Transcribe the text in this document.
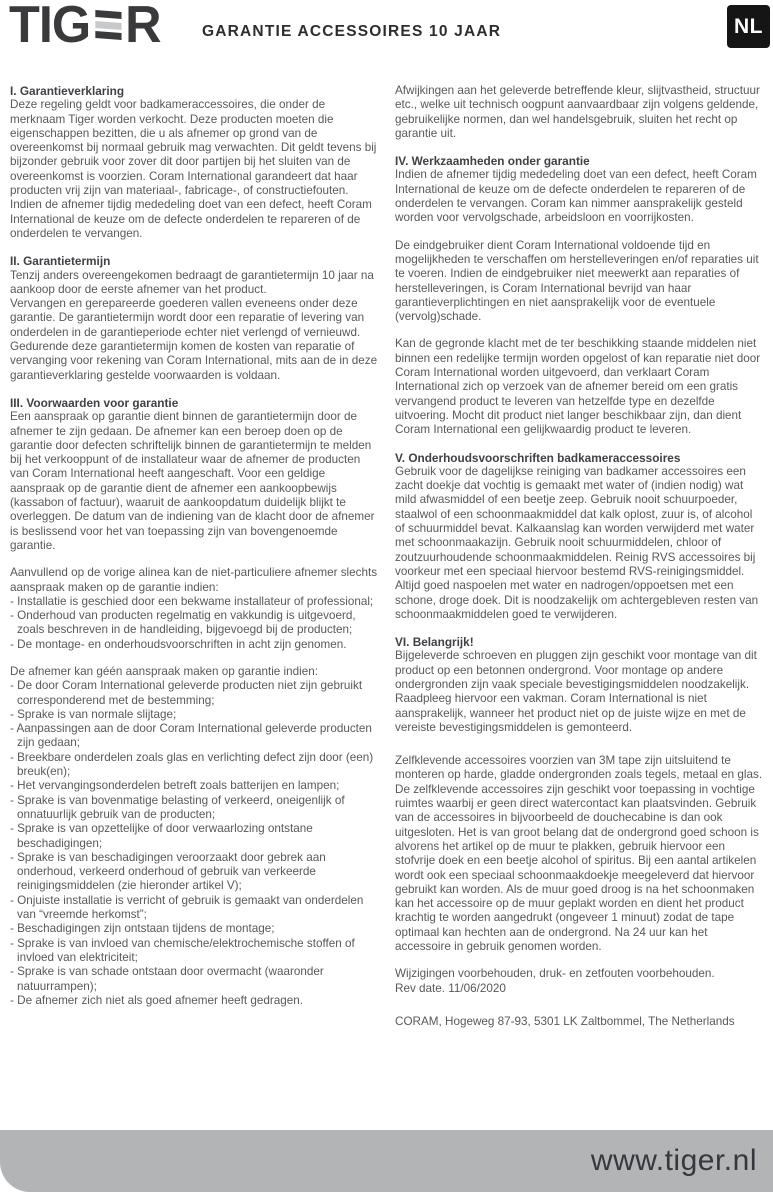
TIG R	GARANTIE ACCESSOIRES 10 JAAR	NL
I. Garantieverklaring

Deze regeling geldt voor badkameraccessoires, die onder de merknaam Tiger worden verkocht. Deze producten moeten die eigenschappen bezitten, die u als afnemer op grond van de overeenkomst bij normaal gebruik mag verwachten. Dit geldt tevens bij bijzonder gebruik voor zover dit door partijen bij het sluiten van de overeenkomst is voorzien. Coram International garandeert dat haar producten vrij zijn van materiaal-, fabricage-, of constructiefouten. Indien de afnemer tijdig mededeling doet van een defect, heeft Coram International de keuze om de defecte onderdelen te repareren of de onderdelen te vervangen.

II. Garantietermijn

Tenzij anders overeengekomen bedraagt de garantietermijn 10 jaar na aankoop door de eerste afnemer van het product.

Vervangen en gerepareerde goederen vallen eveneens onder deze garantie. De garantietermijn wordt door een reparatie of levering van onderdelen in de garantieperiode echter niet verlengd of vernieuwd.

Gedurende deze garantietermijn komen de kosten van reparatie of vervanging voor rekening van Coram International, mits aan de in deze garantieverklaring gestelde voorwaarden is voldaan.

III. Voorwaarden voor garantie

Een aanspraak op garantie dient binnen de garantietermijn door de afnemer te zijn gedaan. De afnemer kan een beroep doen op de garantie door defecten schriftelijk binnen de garantietermijn te melden bij het verkooppunt of de installateur waar de afnemer de producten van Coram International heeft aangeschaft. Voor een geldige aanspraak op de garantie dient de afnemer een aankoopbewijs (kassabon of factuur), waaruit de aankoopdatum duidelijk blijkt te overleggen. De datum van de indiening van de klacht door de afnemer is beslissend voor het van toepassing zijn van bovengenoemde garantie.

Aanvullend op de vorige alinea kan de niet-particuliere afnemer slechts aanspraak maken op de garantie indien:

- Installatie is geschied door een bekwame installateur of professional;
- Onderhoud van producten regelmatig en vakkundig is uitgevoerd, zoals beschreven in de handleiding, bijgevoegd bij de producten;
- De montage- en onderhoudsvoorschriften in acht zijn genomen.

De afnemer kan géén aanspraak maken op garantie indien:

- De door Coram International geleverde producten niet zijn gebruikt corresponderend met de bestemming;
- Sprake is van normale slijtage;
- Aanpassingen aan de door Coram International geleverde producten zijn gedaan;
- Breekbare onderdelen zoals glas en verlichting defect zijn door (een) breuk(en);
- Het vervangingsonderdelen betreft zoals batterijen en lampen;
- Sprake is van bovenmatige belasting of verkeerd, oneigenlijk of onnatuurlijk gebruik van de producten;
- Sprake is van opzettelijke of door verwaarlozing ontstane beschadigingen;
- Sprake is van beschadigingen veroorzaakt door gebrek aan onderhoud, verkeerd onderhoud of gebruik van verkeerde reinigingsmiddelen (zie hieronder artikel V);
- Onjuiste installatie is verricht of gebruik is gemaakt van onderdelen van “vreemde herkomst”;
- Beschadigingen zijn ontstaan tijdens de montage;
- Sprake is van invloed van chemische/elektrochemische stoffen of invloed van elektriciteit;
- Sprake is van schade ontstaan door overmacht (waaronder natuurrampen);
- De afnemer zich niet als goed afnemer heeft gedragen.

Afwijkingen aan het geleverde betreffende kleur, slijtvastheid, structuur etc., welke uit technisch oogpunt aanvaardbaar zijn volgens geldende, gebruikelijke normen, dan wel handelsgebruik, sluiten het recht op garantie uit.

IV. Werkzaamheden onder garantie

Indien de afnemer tijdig mededeling doet van een defect, heeft Coram International de keuze om de defecte onderdelen te repareren of de onderdelen te vervangen. Coram kan nimmer aansprakelijk gesteld worden voor vervolgschade, arbeidsloon en voorrijkosten.

De eindgebruiker dient Coram International voldoende tijd en mogelijkheden te verschaffen om herstelleveringen en/of reparaties uit te voeren. Indien de eindgebruiker niet meewerkt aan reparaties of herstelleveringen, is Coram International bevrijd van haar garantieverplichtingen en niet aansprakelijk voor de eventuele (vervolg)schade.

Kan de gegronde klacht met de ter beschikking staande middelen niet binnen een redelijke termijn worden opgelost of kan reparatie niet door Coram International worden uitgevoerd, dan verklaart Coram International zich op verzoek van de afnemer bereid om een gratis vervangend product te leveren van hetzelfde type en dezelfde uitvoering. Mocht dit product niet langer beschikbaar zijn, dan dient Coram International een gelijkwaardig product te leveren.

V. Onderhoudsvoorschriften badkameraccessoires

Gebruik voor de dagelijkse reiniging van badkamer accessoires een zacht doekje dat vochtig is gemaakt met water of (indien nodig) wat mild afwasmiddel of een beetje zeep. Gebruik nooit schuurpoeder, staalwol of een schoonmaakmiddel dat kalk oplost, zuur is, of alcohol of schuurmiddel bevat. Kalkaanslag kan worden verwijderd met water met schoonmaakazijn. Gebruik nooit schuurmiddelen, chloor of zoutzuurhoudende schoonmaakmiddelen. Reinig RVS accessoires bij voorkeur met een speciaal hiervoor bestemd RVS-reinigingsmiddel. Altijd goed naspoelen met water en nadrogen/oppoetsen met een schone, droge doek. Dit is noodzakelijk om achtergebleven resten van schoonmaakmiddelen goed te verwijderen.

VI. Belangrijk!

Bijgeleverde schroeven en pluggen zijn geschikt voor montage van dit product op een betonnen ondergrond. Voor montage op andere ondergronden zijn vaak speciale bevestigingsmiddelen noodzakelijk. Raadpleeg hiervoor een vakman. Coram International is niet aansprakelijk, wanneer het product niet op de juiste wijze en met de vereiste bevestigingsmiddelen is gemonteerd.

Zelfklevende accessoires voorzien van 3M tape zijn uitsluitend te monteren op harde, gladde ondergronden zoals tegels, metaal en glas. De zelfklevende accessoires zijn geschikt voor toepassing in vochtige ruimtes waarbij er geen direct watercontact kan plaatsvinden. Gebruik van de accessoires in bijvoorbeeld de douchecabine is dan ook uitgesloten. Het is van groot belang dat de ondergrond goed schoon is alvorens het artikel op de muur te plakken, gebruik hiervoor een stofvrije doek en een beetje alcohol of spiritus. Bij een aantal artikelen wordt ook een speciaal schoonmaakdoekje meegeleverd dat hiervoor gebruikt kan worden. Als de muur goed droog is na het schoonmaken kan het accessoire op de muur geplakt worden en dient het product krachtig te worden aangedrukt (ongeveer 1 minuut) zodat de tape optimaal kan hechten aan de ondergrond. Na 24 uur kan het accessoire in gebruik genomen worden.

Wijzigingen voorbehouden, druk- en zetfouten voorbehouden.

Rev date. 11/06/2020

CORAM, Hogeweg 87-93, 5301 LK Zaltbommel, The Netherlands

www.tiger.nl
